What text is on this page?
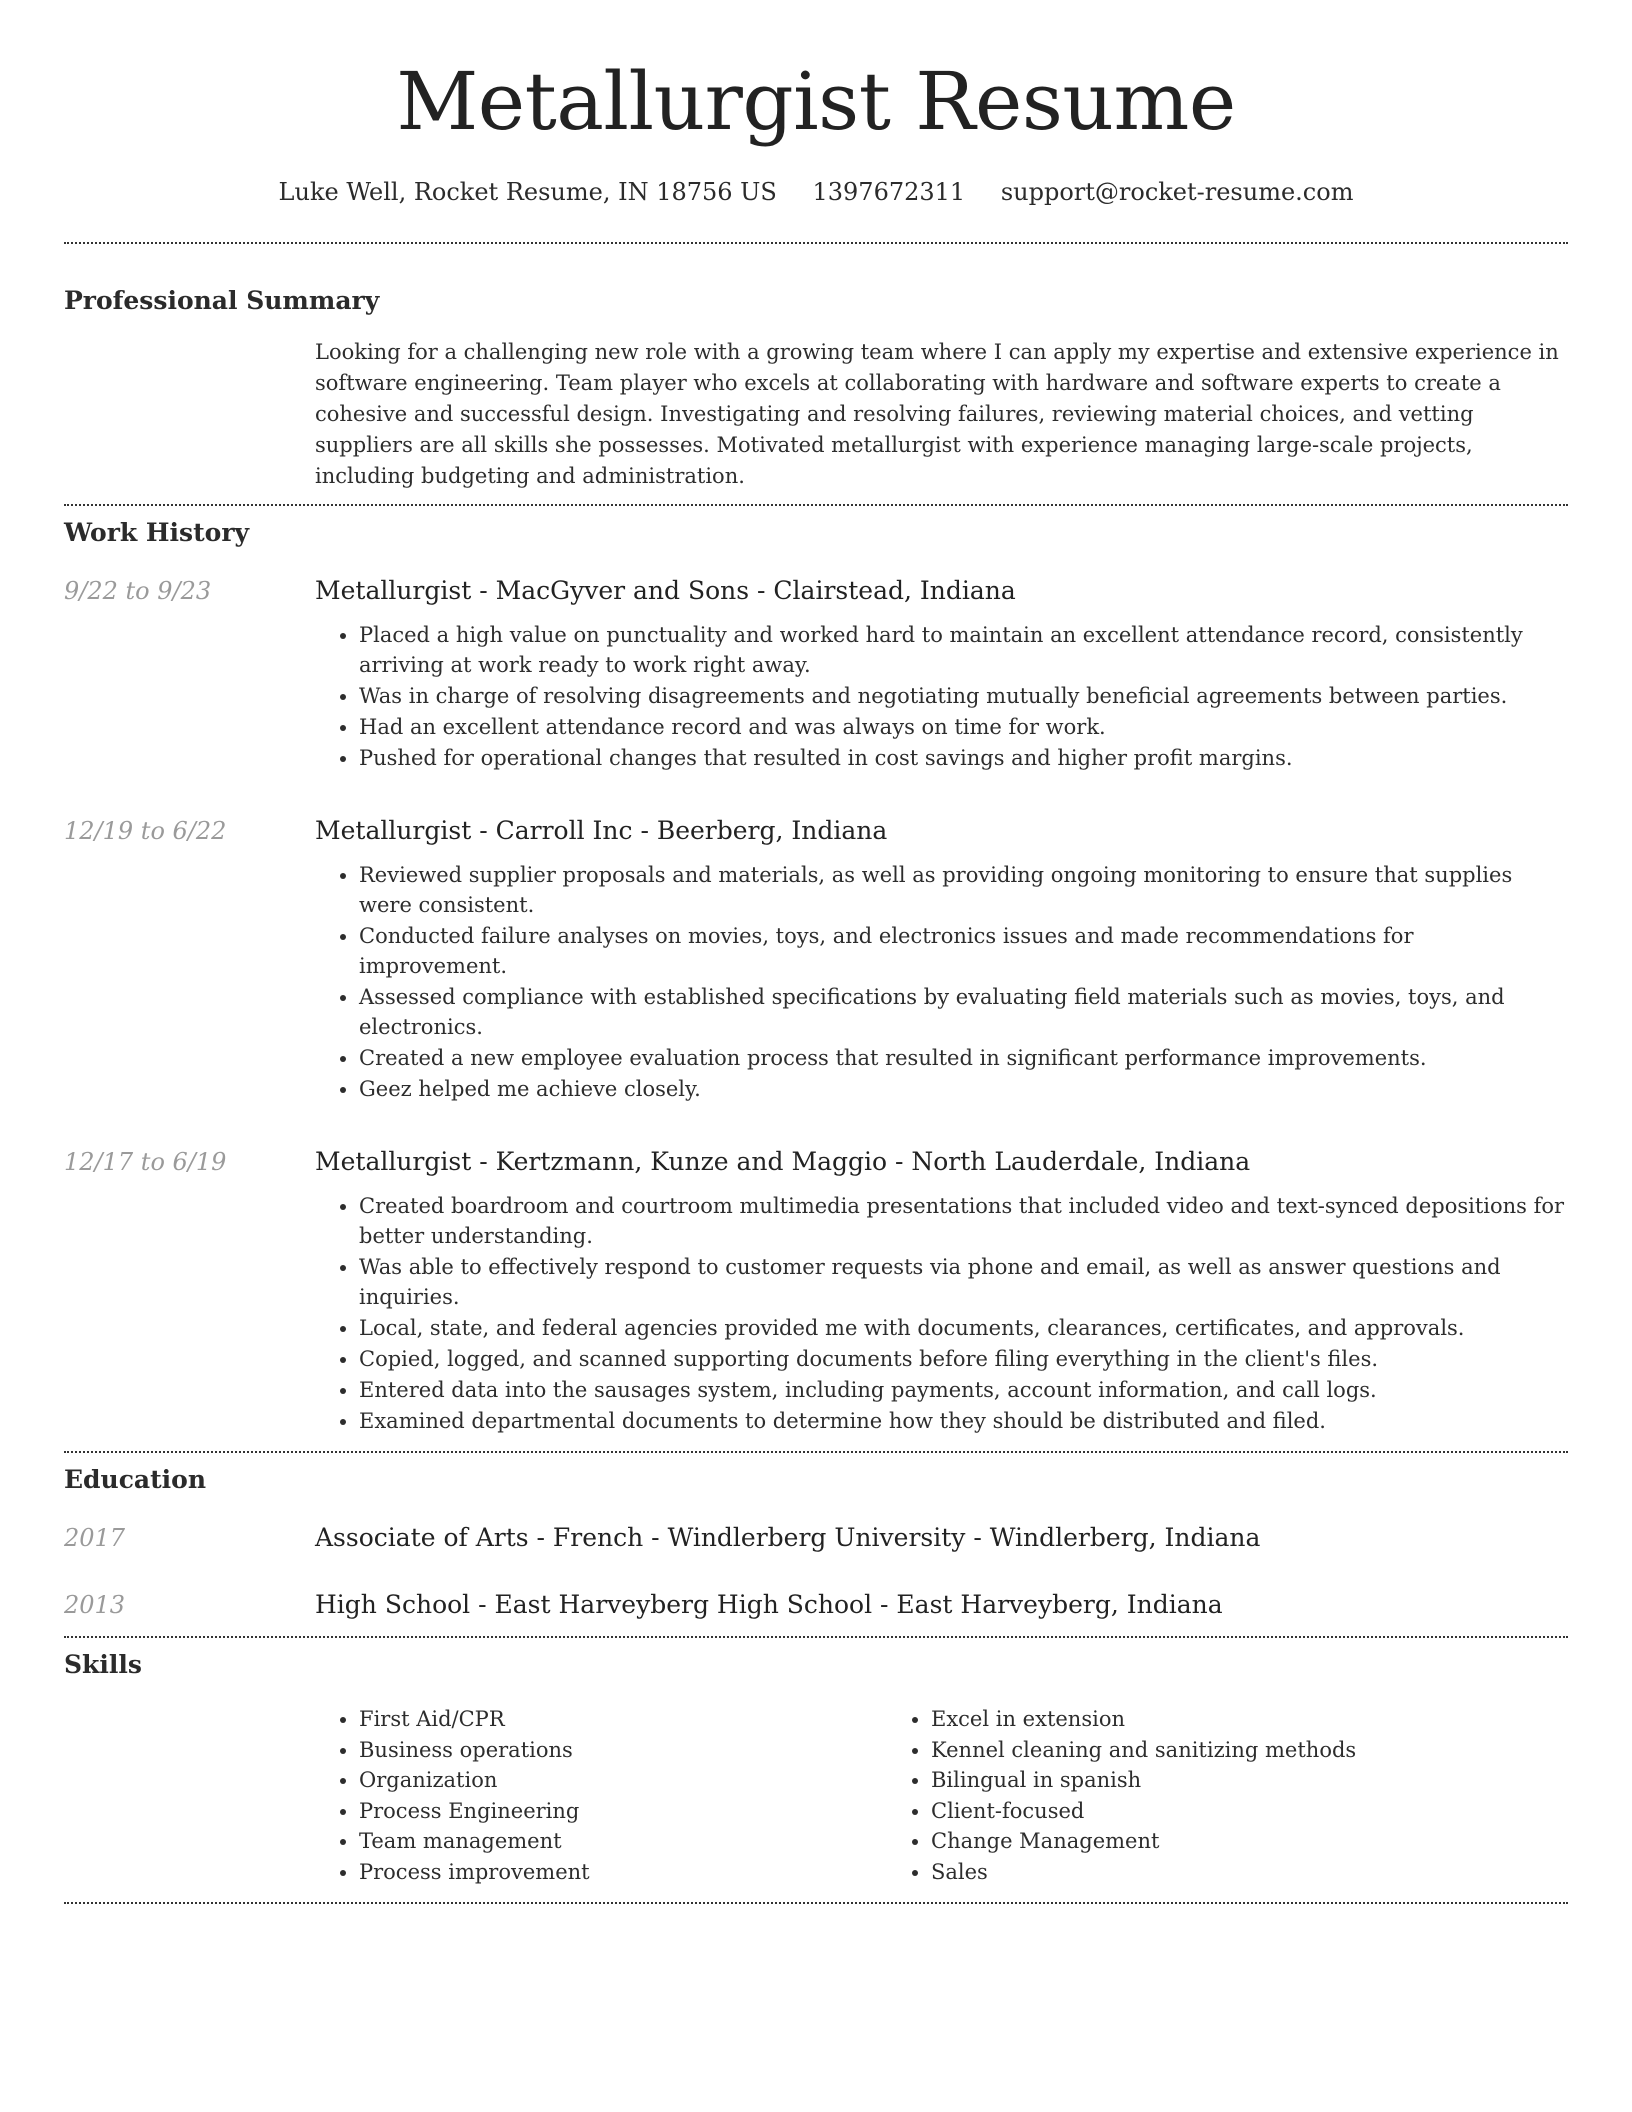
Metallurgist Resume
Luke Well, Rocket Resume, IN 18756 US 1397672311 support@rocket-resume.com
Professional Summary

Looking for a challenging new role with a growing team where I can apply my expertise and extensive experience in software engineering. Team player who excels at collaborating with hardware and software experts to create a cohesive and successful design. Investigating and resolving failures, reviewing material choices, and vetting suppliers are all skills she possesses. Motivated metallurgist with experience managing large-scale projects, including budgeting and administration.

Work History
9/22 to 9/23	Metallurgist - MacGyver and Sons - Clairstead, Indiana
• Placed a high value on punctuality and worked hard to maintain an excellent attendance record, consistently arriving at work ready to work right away.
• Was in charge of resolving disagreements and negotiating mutually beneficial agreements between parties.
• Had an excellent attendance record and was always on time for work.
• Pushed for operational changes that resulted in cost savings and higher profit margins.
12/19 to 6/22	Metallurgist - Carroll Inc - Beerberg, Indiana
• Reviewed supplier proposals and materials, as well as providing ongoing monitoring to ensure that supplies were consistent.
• Conducted failure analyses on movies, toys, and electronics issues and made recommendations for improvement.
• Assessed compliance with established specifications by evaluating field materials such as movies, toys, and electronics.
• Created a new employee evaluation process that resulted in significant performance improvements.
• Geez helped me achieve closely.
12/17 to 6/19	Metallurgist - Kertzmann, Kunze and Maggio - North Lauderdale, Indiana
• Created boardroom and courtroom multimedia presentations that included video and text-synced depositions for better understanding.
• Was able to effectively respond to customer requests via phone and email, as well as answer questions and inquiries.
• Local, state, and federal agencies provided me with documents, clearances, certificates, and approvals.
• Copied, logged, and scanned supporting documents before filing everything in the client's files.
• Entered data into the sausages system, including payments, account information, and call logs.
• Examined departmental documents to determine how they should be distributed and filed.
Education
2017	Associate of Arts - French - Windlerberg University - Windlerberg, Indiana
2013	High School - East Harveyberg High School - East Harveyberg, Indiana
Skills
• First Aid/CPR
• Business operations
• Organization
• Process Engineering
• Team management
• Process improvement
• Excel in extension
• Kennel cleaning and sanitizing methods
• Bilingual in spanish
• Client-focused
• Change Management
• Sales
